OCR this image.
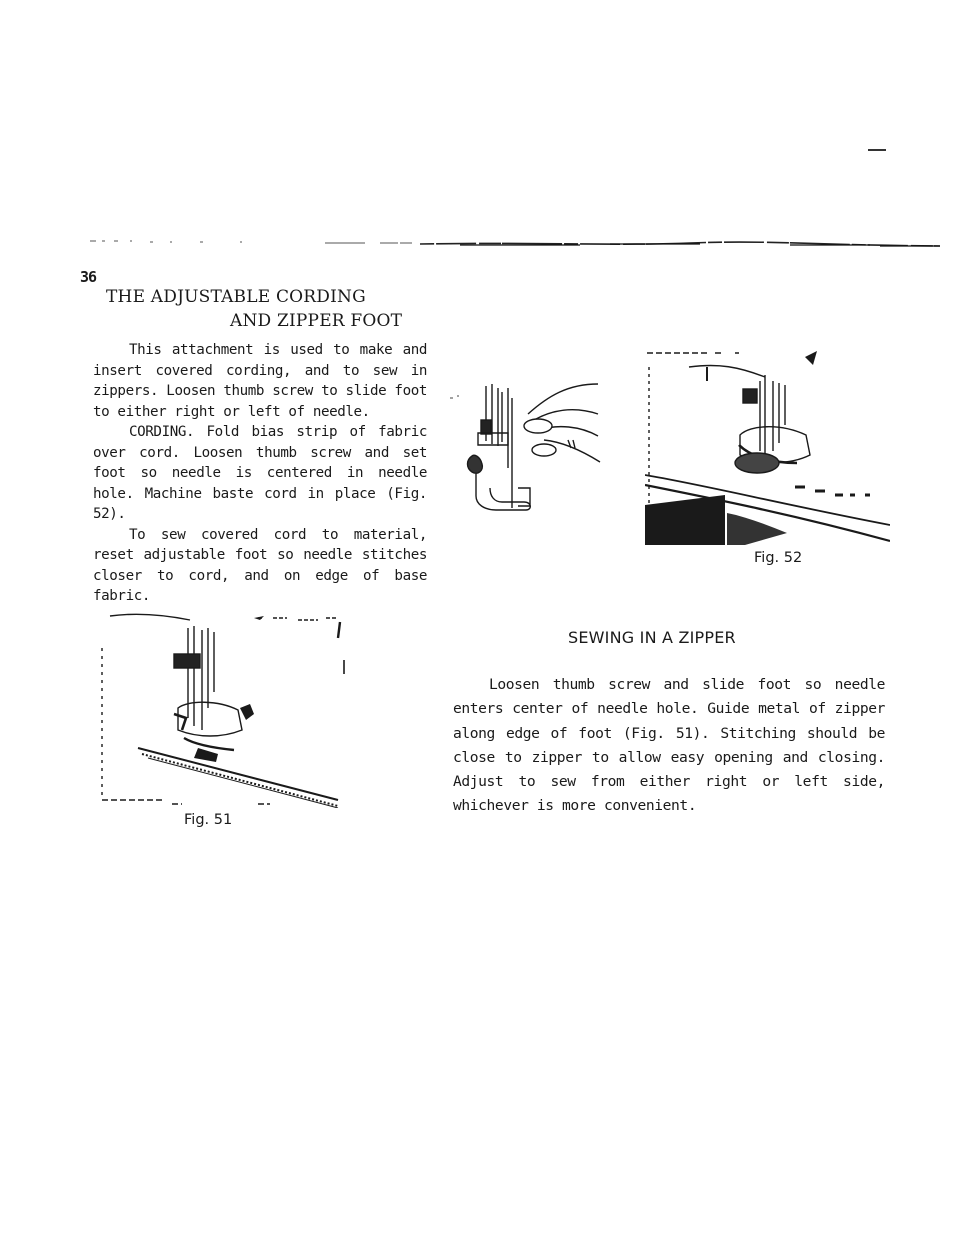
36
THE ADJUSTABLE CORDING
AND ZIPPER FOOT

This attachment is used to make and insert covered cording, and to sew in zippers. Loosen thumb screw to slide foot to either right or left of needle.

CORDING. Fold bias strip of fabric over cord. Loosen thumb screw and set foot so needle is centered in needle hole. Machine baste cord in place (Fig. 52).

To sew covered cord to material, reset adjustable foot so needle stitches closer to cord, and on edge of base fabric.

Fig. 52
Fig. 51
SEWING IN A ZIPPER

Loosen thumb screw and slide foot so needle enters center of needle hole. Guide metal of zipper along edge of foot (Fig. 51). Stitching should be close to zipper to allow easy opening and closing. Adjust to sew from either right or left side, whichever is more convenient.
